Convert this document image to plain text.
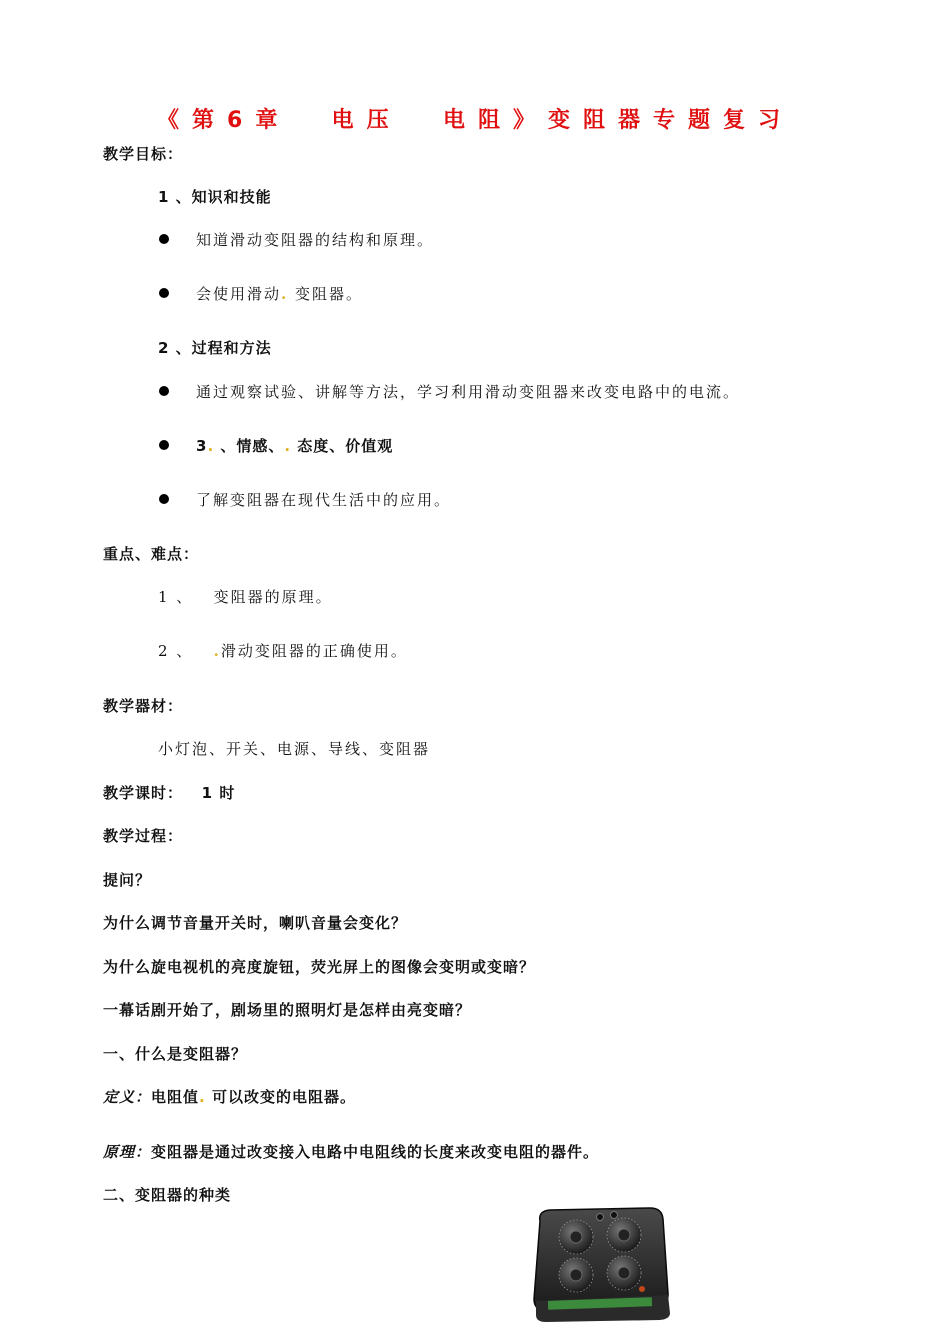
《第6章  电压  电阻》变阻器专题复习
教学目标：
1 、知识和技能
知道滑动变阻器的结构和原理。
会使用滑动. 变阻器。
2 、过程和方法
通过观察试验、讲解等方法，学习利用滑动变阻器来改变电路中的电流。
3. 、情感、. 态度、价值观
了解变阻器在现代生活中的应用。
重点、难点：
1 、   变阻器的原理。
2 、   .滑动变阻器的正确使用。
教学器材：
小灯泡、开关、电源、导线、变阻器
教学课时：   1 时
教学过程：
提问？
为什么调节音量开关时，喇叭音量会变化？
为什么旋电视机的亮度旋钮，荧光屏上的图像会变明或变暗？
一幕话剧开始了，剧场里的照明灯是怎样由亮变暗？
一、什么是变阻器？
定义：电阻值. 可以改变的电阻器。
原理：变阻器是通过改变接入电路中电阻线的长度来改变电阻的器件。
二、变阻器的种类
